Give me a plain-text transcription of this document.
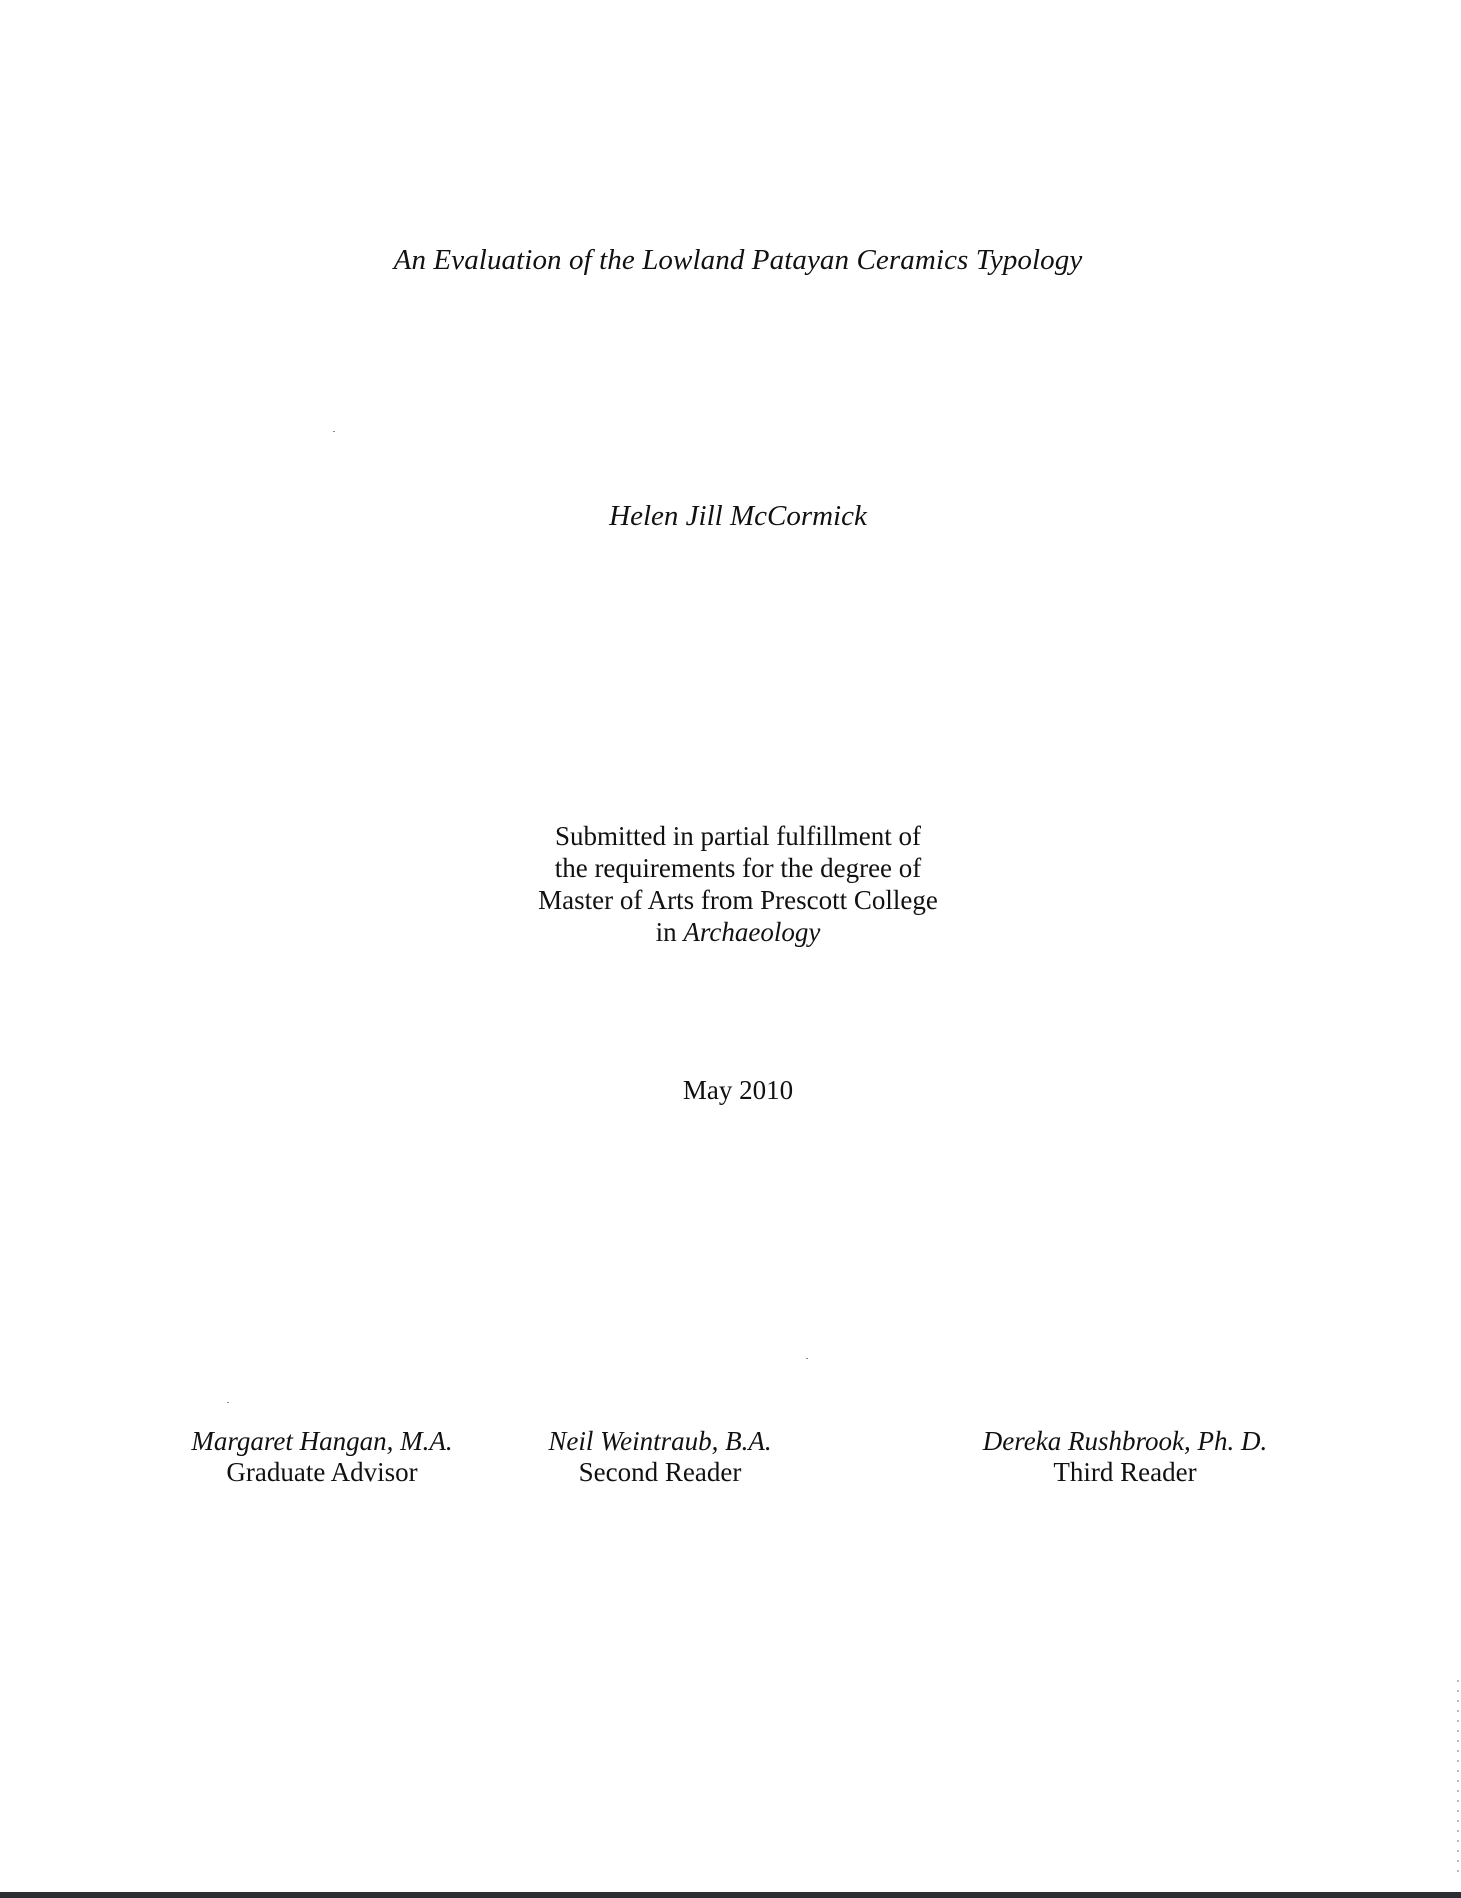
An Evaluation of the Lowland Patayan Ceramics Typology
Helen Jill McCormick
Submitted in partial fulfillment of
the requirements for the degree of
Master of Arts from Prescott College
in Archaeology
May 2010
Margaret Hangan, M.A.
Graduate Advisor
Neil Weintraub, B.A.
Second Reader
Dereka Rushbrook, Ph. D.
Third Reader
